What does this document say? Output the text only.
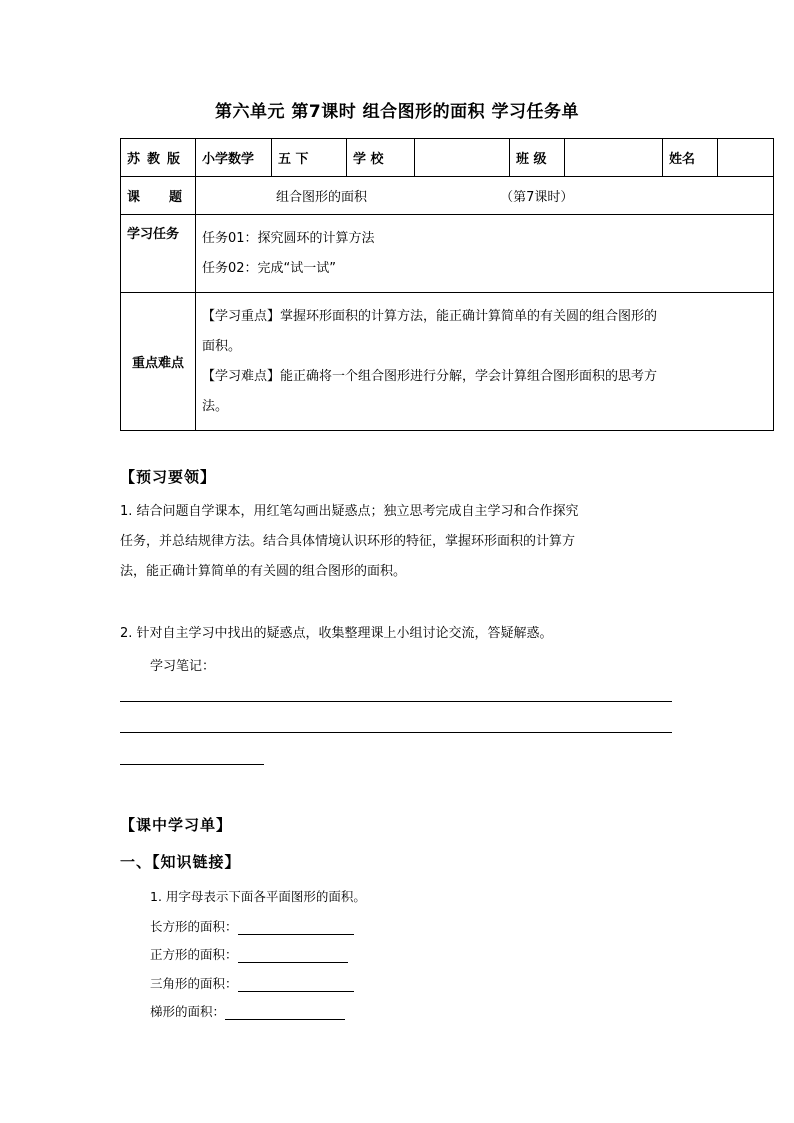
第六单元 第7课时 组合图形的面积 学习任务单
苏教版	小学数学	五 下	学 校		班 级		姓名	
课 题	组合图形的面积 （第7课时）							
学习任务	任务01：探究圆环的计算方法

任务02：完成“试一试”							

重点难点	【学习重点】掌握环形面积的计算方法，能正确计算简单的有关圆的组合图形的

面积。

【学习难点】能正确将一个组合图形进行分解，学会计算组合图形面积的思考方

法。							

【预习要领】

1. 结合问题自学课本，用红笔勾画出疑惑点；独立思考完成自主学习和合作探究

任务，并总结规律方法。结合具体情境认识环形的特征，掌握环形面积的计算方

法，能正确计算简单的有关圆的组合图形的面积。

2. 针对自主学习中找出的疑惑点，收集整理课上小组讨论交流，答疑解惑。
学习笔记：
【课中学习单】
一、【知识链接】
1. 用字母表示下面各平面图形的面积。
长方形的面积：
正方形的面积：
三角形的面积：
梯形的面积：
